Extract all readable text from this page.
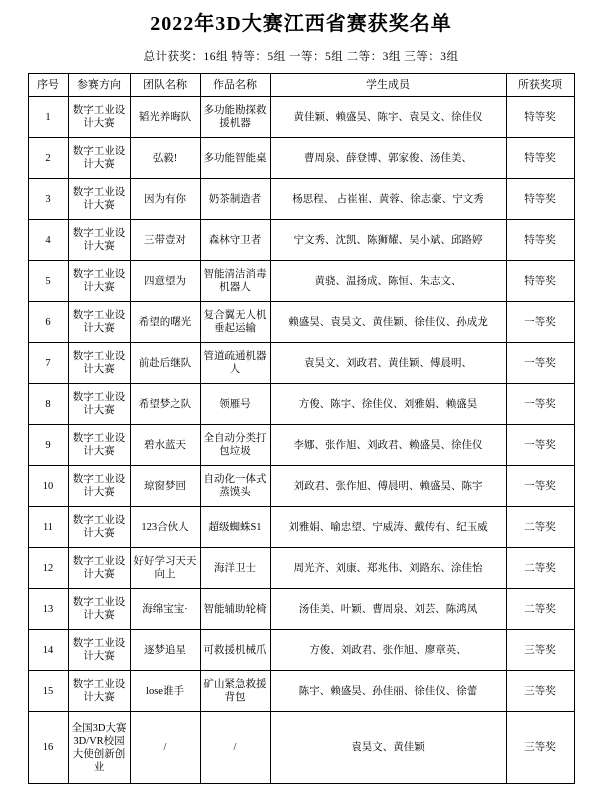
2022年3D大赛江西省赛获奖名单
总计获奖：16组 特等：5组 一等：5组 二等：3组 三等：3组
序号	参赛方向	团队名称	作品名称	学生成员	所获奖项
1	数字工业设计大赛	韬光养晦队	多功能勘探救援机器	黄佳颖、赖盛昊、陈宇、袁昊文、徐佳仪	特等奖
2	数字工业设计大赛	弘毅!	多功能智能桌	曹周泉、薛登博、郭家俊、汤佳美、	特等奖
3	数字工业设计大赛	因为有你	奶茶制造者	杨思程、 占崔崔、黄蓉、徐志豪、宁文秀	特等奖
4	数字工业设计大赛	三带壹对	森林守卫者	宁文秀、沈凯、陈狮耀、吴小斌、邱路婷	特等奖
5	数字工业设计大赛	四意望为	智能清洁消毒机器人	黄骁、温扬成、陈恒、朱志文、	特等奖
6	数字工业设计大赛	希望的曙光	复合翼无人机垂起运输	赖盛昊、袁昊文、黄佳颖、徐佳仪、孙成龙	一等奖
7	数字工业设计大赛	前赴后继队	管道疏通机器人	袁昊文、刘政君、黄佳颖、傅晨明、	一等奖
8	数字工业设计大赛	希望梦之队	领雁号	方俊、陈宇、徐佳仪、刘雅娟、赖盛昊	一等奖
9	数字工业设计大赛	碧水蓝天	全自动分类打包垃圾	李娜、张作旭、刘政君、赖盛昊、徐佳仪	一等奖
10	数字工业设计大赛	琼窗梦回	自动化一体式蒸馍头	刘政君、张作旭、傅晨明、赖盛昊、陈宇	一等奖
11	数字工业设计大赛	123合伙人	超级蜘蛛S1	刘雅娟、喻忠望、宁威涛、戴传有、纪玉威	二等奖
12	数字工业设计大赛	好好学习天天向上	海洋卫士	周光齐、刘康、郑兆伟、刘路东、涂佳怡	二等奖
13	数字工业设计大赛	海绵宝宝·	智能辅助轮椅	汤佳美、叶颖、曹周泉、刘芸、陈鸿凤	二等奖
14	数字工业设计大赛	逐梦追星	可救援机械爪	方俊、刘政君、张作旭、廖章英、	三等奖
15	数字工业设计大赛	lose谁手	矿山紧急救援背包	陈宇、赖盛昊、孙佳丽、徐佳仪、徐蕾	三等奖
16	全国3D大赛3D/VR校园大使创新创业	/	/	袁昊文、黄佳颖	三等奖
